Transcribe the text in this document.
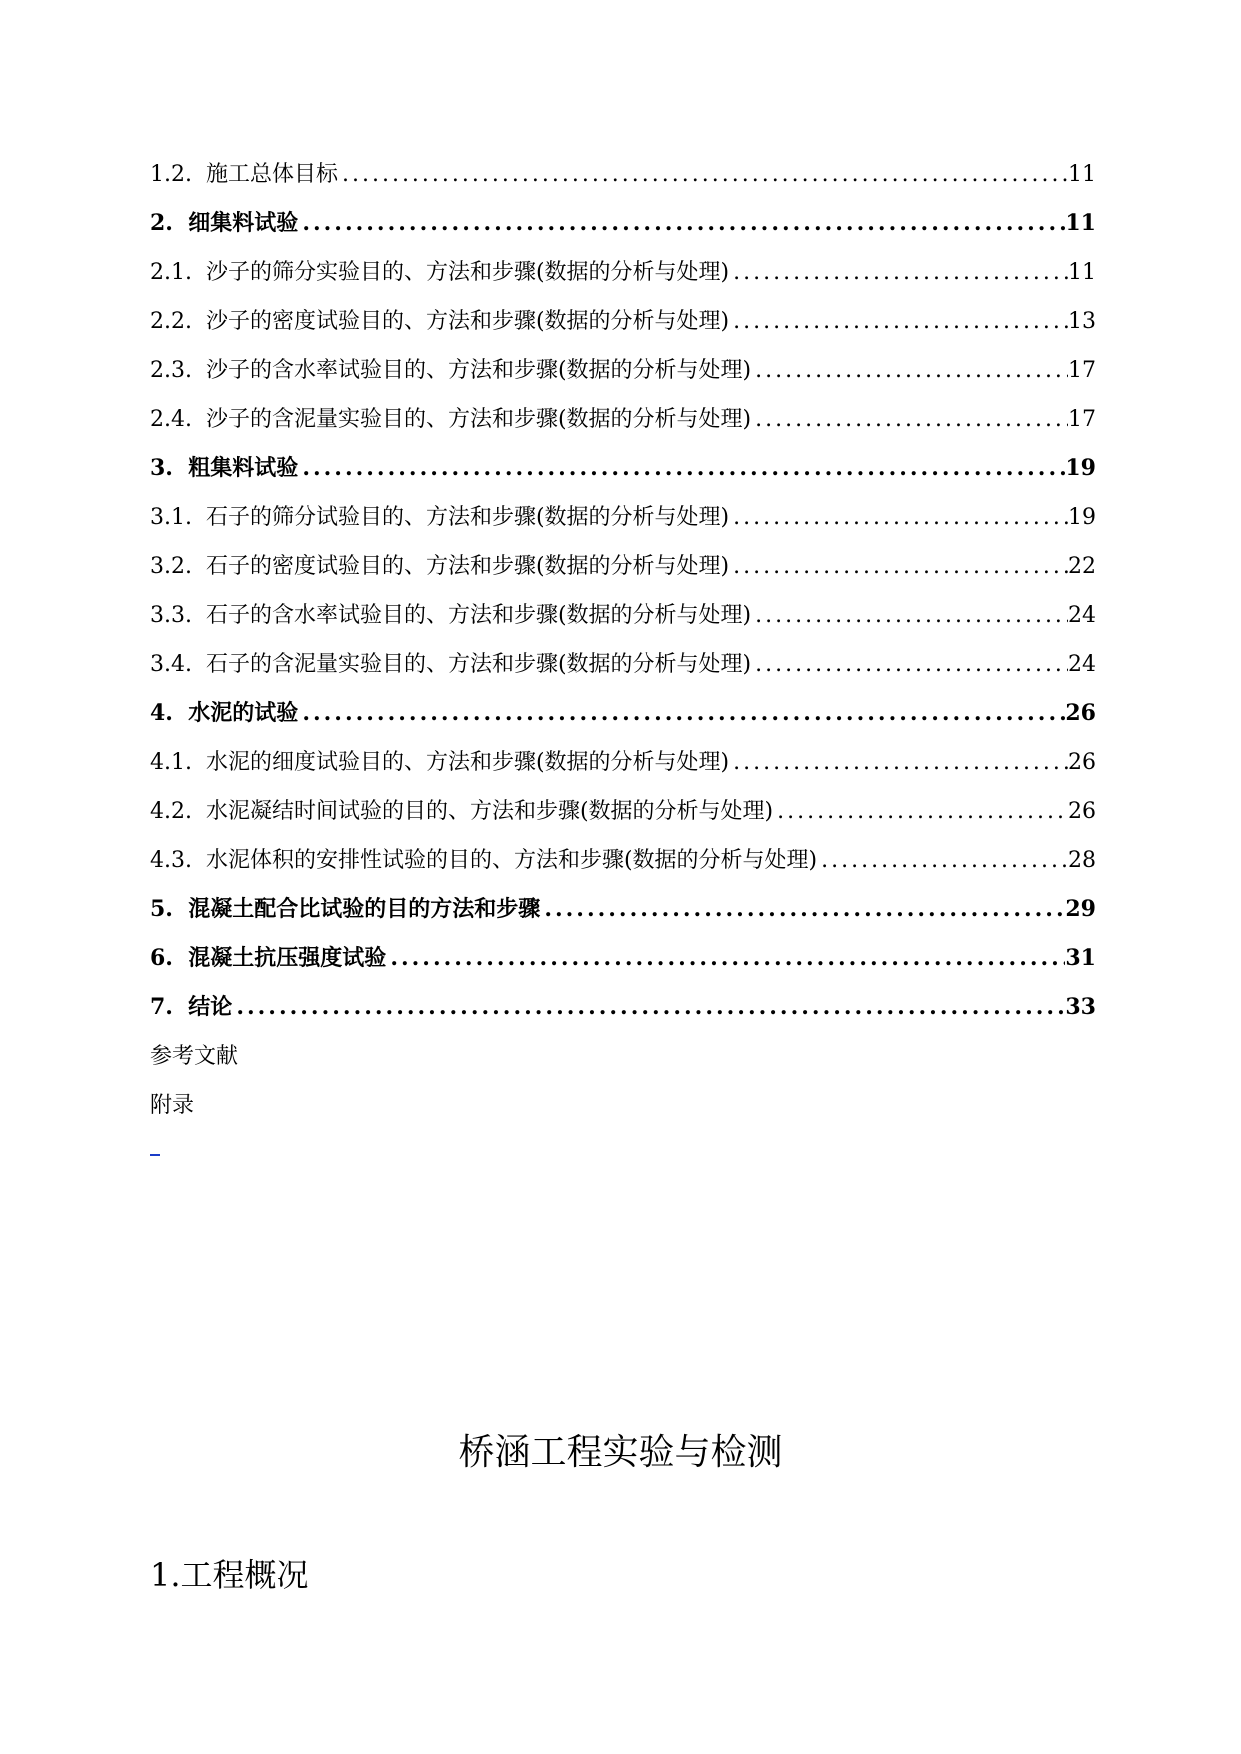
1.2. 施工总体目标 .....	11
2. 细集料试验 .....	11
2.1. 沙子的筛分实验目的、方法和步骤(数据的分析与处理) .....	11
2.2. 沙子的密度试验目的、方法和步骤(数据的分析与处理) .....	13
2.3. 沙子的含水率试验目的、方法和步骤(数据的分析与处理) .....	17
2.4. 沙子的含泥量实验目的、方法和步骤(数据的分析与处理) .....	17
3. 粗集料试验 .....	19
3.1. 石子的筛分试验目的、方法和步骤(数据的分析与处理) .....	19
3.2. 石子的密度试验目的、方法和步骤(数据的分析与处理) .....	22
3.3. 石子的含水率试验目的、方法和步骤(数据的分析与处理) .....	24
3.4. 石子的含泥量实验目的、方法和步骤(数据的分析与处理) .....	24
4. 水泥的试验 .....	26
4.1. 水泥的细度试验目的、方法和步骤(数据的分析与处理) .....	26
4.2. 水泥凝结时间试验的目的、方法和步骤(数据的分析与处理) .....	26
4.3. 水泥体积的安排性试验的目的、方法和步骤(数据的分析与处理) .....	28
5. 混凝土配合比试验的目的方法和步骤 .....	29
6. 混凝土抗压强度试验 .....	31
7. 结论 .....	33
参考文献
附录
桥涵工程实验与检测
1.工程概况
